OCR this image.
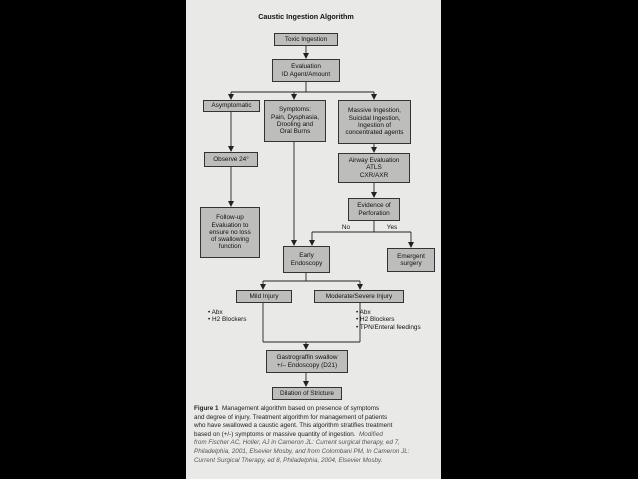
Caustic Ingestion Algorithm
Toxic Ingestion
Evaluation
ID Agent/Amount
Asymptomatic
Symptoms:
Pain, Dysphasia,
Drooling and
Oral Burns
Massive Ingestion,
Suicidal Ingestion,
Ingestion of
concentrated agents
Observe 24°	Airway Evaluation
ATLS
CXR/AXR
Evidence of
Perforation
No	Yes
Follow-up
Evaluation to
ensure no loss
of swallowing
function
Early
Endoscopy
Emergent
surgery
Mild Injury	Moderate/Severe Injury
• Abx
• H2 Blockers
• Abx
• H2 Blockers
• TPN/Enteral feedings
Gastrograffin swallow
+/– Endoscopy (D21)
Dilation of Stricture
Figure 1 Management algorithm based on presence of symptoms
and degree of injury. Treatment algorithm for management of patients
who have swallowed a caustic agent. This algorithm stratifies treatment
based on (+/-) symptoms or massive quantity of ingestion. Modified
from Fischer AC, Holler, AJ in Cameron JL: Current surgical therapy, ed 7,
Philadelphia, 2001, Elsevier Mosby, and from Colombani PM, In Cameron JL:
Current Surgical Therapy, ed 8, Philadelphia, 2004, Elsevier Mosby.
